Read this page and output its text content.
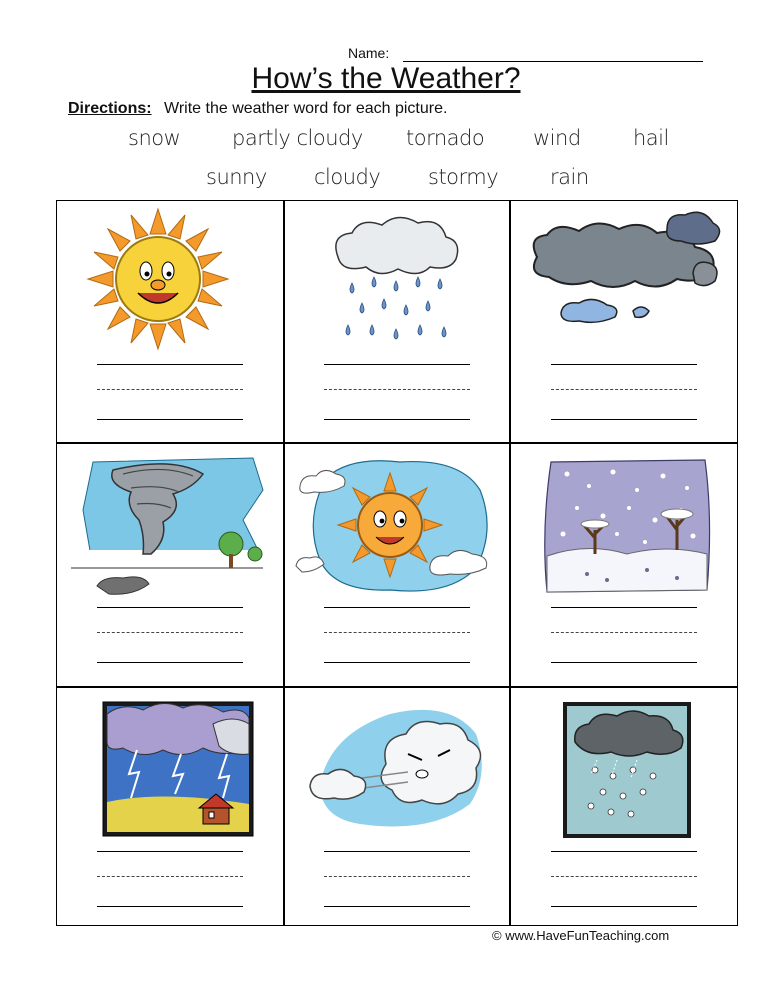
Name:
How’s the Weather?
Directions: Write the weather word for each picture.
snow partly cloudy tornado wind hail
sunny cloudy stormy rain
© www.HaveFunTeaching.com
